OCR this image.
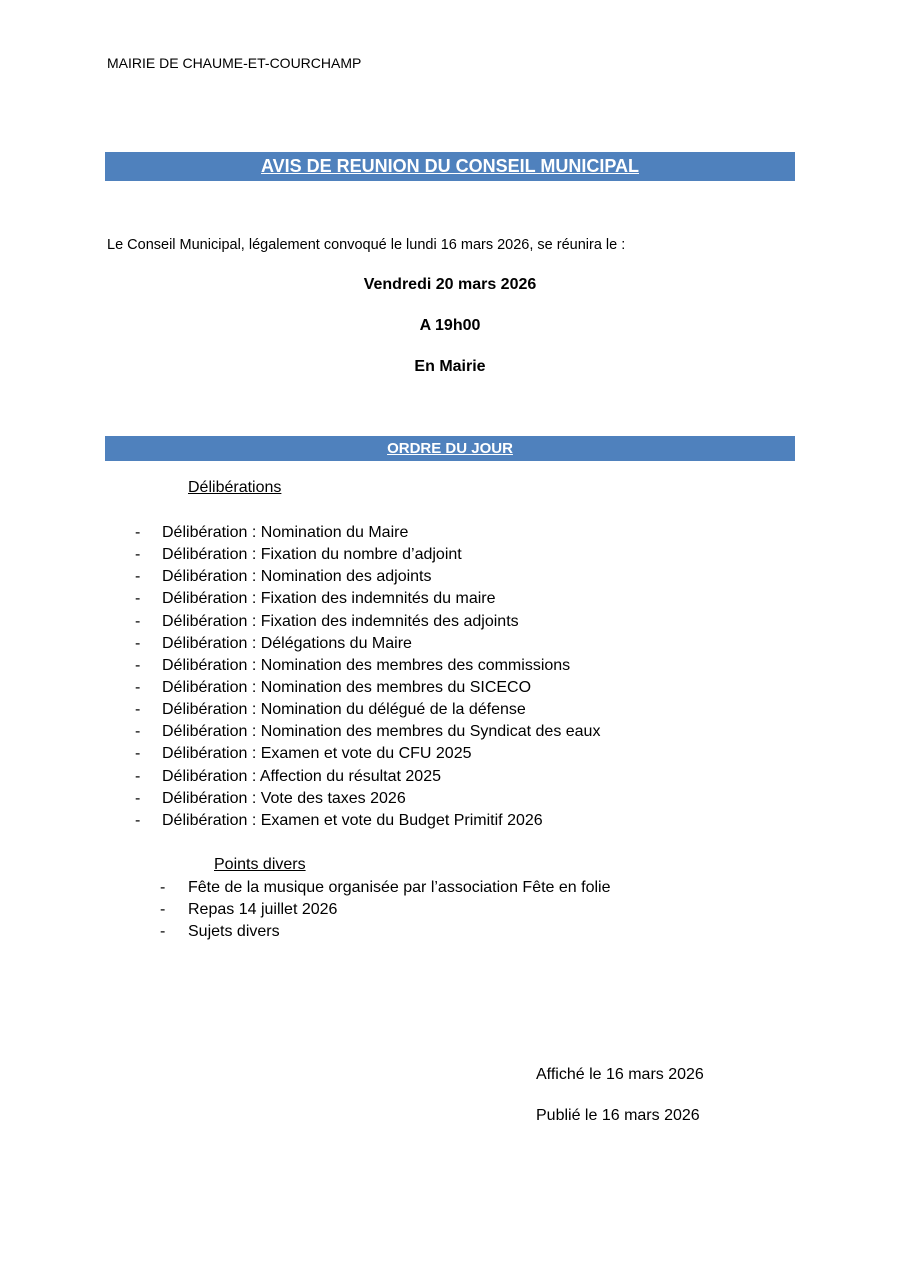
MAIRIE DE CHAUME-ET-COURCHAMP
AVIS DE REUNION DU CONSEIL MUNICIPAL
Le Conseil Municipal, légalement convoqué le lundi 16 mars 2026, se réunira le :
Vendredi 20 mars 2026
A 19h00
En Mairie
ORDRE DU JOUR
Délibérations
- Délibération : Nomination du Maire
- Délibération : Fixation du nombre d’adjoint
- Délibération : Nomination des adjoints
- Délibération : Fixation des indemnités du maire
- Délibération : Fixation des indemnités des adjoints
- Délibération : Délégations du Maire
- Délibération : Nomination des membres des commissions
- Délibération : Nomination des membres du SICECO
- Délibération : Nomination du délégué de la défense
- Délibération : Nomination des membres du Syndicat des eaux
- Délibération : Examen et vote du CFU 2025
- Délibération : Affection du résultat 2025
- Délibération : Vote des taxes 2026
- Délibération : Examen et vote du Budget Primitif 2026
Points divers
- Fête de la musique organisée par l’association Fête en folie
- Repas 14 juillet 2026
- Sujets divers
Affiché le 16 mars 2026
Publié le 16 mars 2026
